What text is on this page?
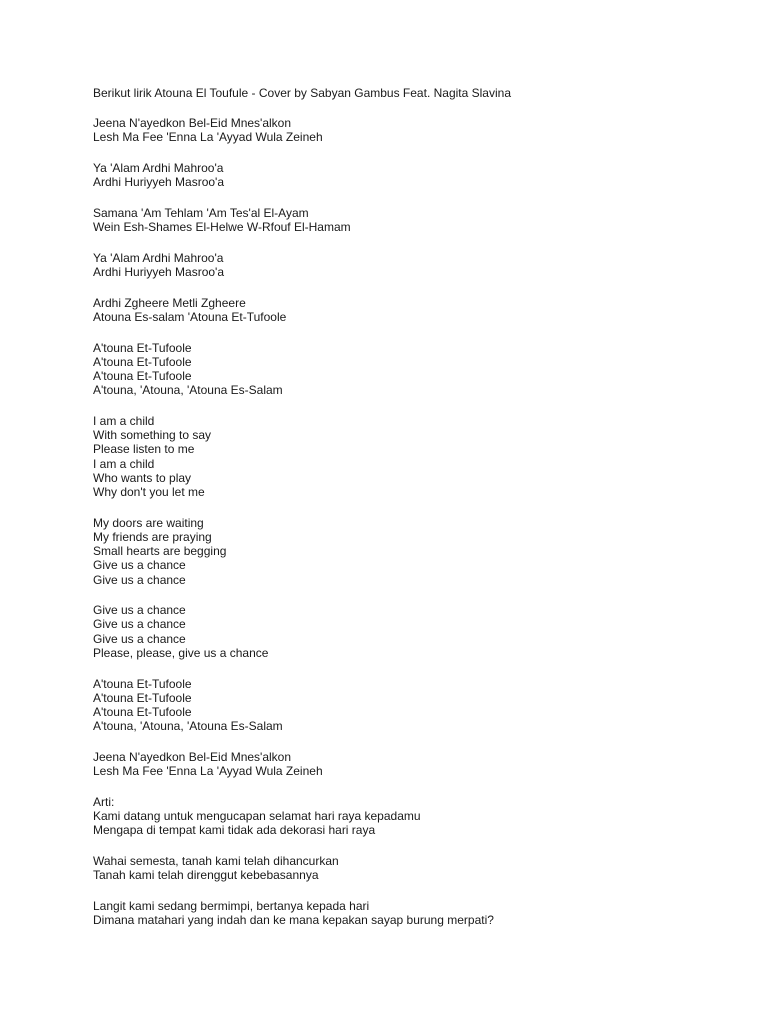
Berikut lirik Atouna El Toufule - Cover by Sabyan Gambus Feat. Nagita Slavina
Jeena N'ayedkon Bel-Eid Mnes'alkon
Lesh Ma Fee 'Enna La 'Ayyad Wula Zeineh
Ya 'Alam Ardhi Mahroo'a
Ardhi Huriyyeh Masroo'a
Samana 'Am Tehlam 'Am Tes'al El-Ayam
Wein Esh-Shames El-Helwe W-Rfouf El-Hamam
Ya 'Alam Ardhi Mahroo'a
Ardhi Huriyyeh Masroo'a
Ardhi Zgheere Metli Zgheere
Atouna Es-salam 'Atouna Et-Tufoole
A'touna Et-Tufoole
A'touna Et-Tufoole
A'touna Et-Tufoole
A'touna, 'Atouna, 'Atouna Es-Salam
I am a child
With something to say
Please listen to me
I am a child
Who wants to play
Why don't you let me
My doors are waiting
My friends are praying
Small hearts are begging
Give us a chance
Give us a chance
Give us a chance
Give us a chance
Give us a chance
Please, please, give us a chance
A'touna Et-Tufoole
A'touna Et-Tufoole
A'touna Et-Tufoole
A'touna, 'Atouna, 'Atouna Es-Salam
Jeena N'ayedkon Bel-Eid Mnes'alkon
Lesh Ma Fee 'Enna La 'Ayyad Wula Zeineh
Arti:
Kami datang untuk mengucapan selamat hari raya kepadamu
Mengapa di tempat kami tidak ada dekorasi hari raya
Wahai semesta, tanah kami telah dihancurkan
Tanah kami telah direnggut kebebasannya
Langit kami sedang bermimpi, bertanya kepada hari
Dimana matahari yang indah dan ke mana kepakan sayap burung merpati?
